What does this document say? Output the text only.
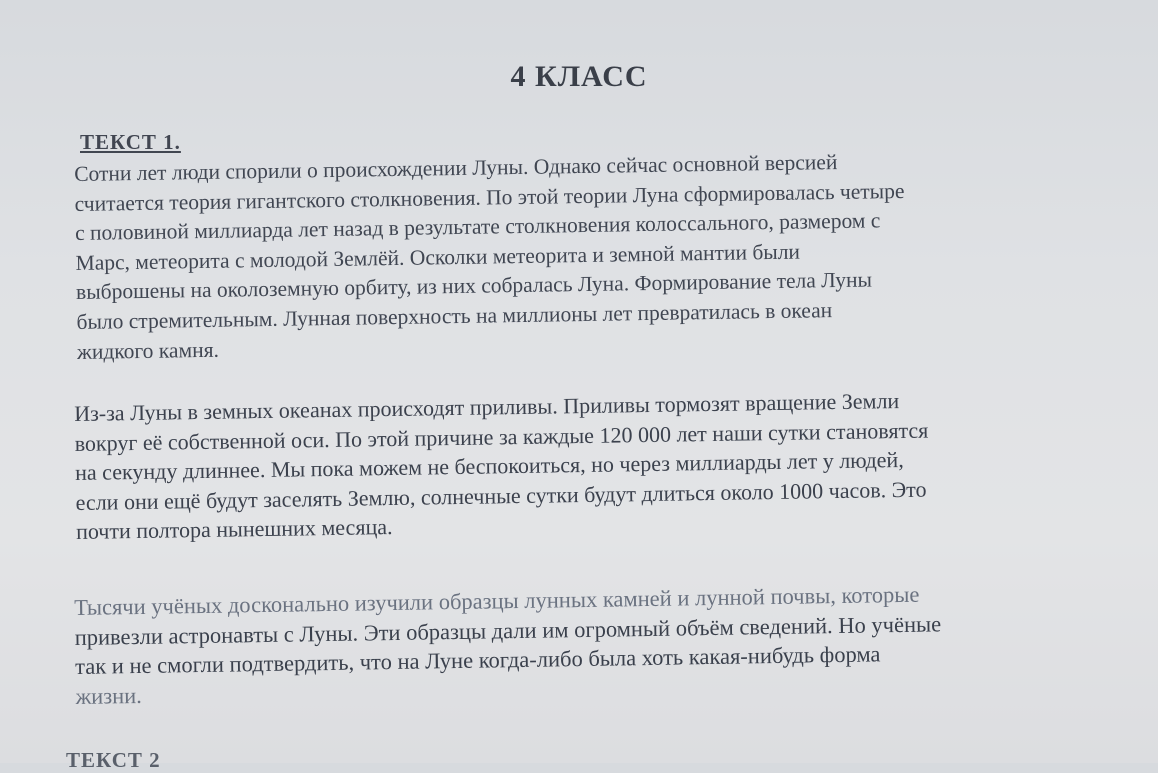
4 КЛАСС
ТЕКСТ 1.
Сотни лет люди спорили о происхождении Луны. Однако сейчас основной версией
считается теория гигантского столкновения. По этой теории Луна сформировалась четыре
с половиной миллиарда лет назад в результате столкновения колоссального, размером с
Марс, метеорита с молодой Землёй. Осколки метеорита и земной мантии были
выброшены на околоземную орбиту, из них собралась Луна. Формирование тела Луны
было стремительным. Лунная поверхность на миллионы лет превратилась в океан
жидкого камня.
Из-за Луны в земных океанах происходят приливы. Приливы тормозят вращение Земли
вокруг её собственной оси. По этой причине за каждые 120 000 лет наши сутки становятся
на секунду длиннее. Мы пока можем не беспокоиться, но через миллиарды лет у людей,
если они ещё будут заселять Землю, солнечные сутки будут длиться около 1000 часов. Это
почти полтора нынешних месяца.
Тысячи учёных досконально изучили образцы лунных камней и лунной почвы, которые
привезли астронавты с Луны. Эти образцы дали им огромный объём сведений. Но учёные
так и не смогли подтвердить, что на Луне когда-либо была хоть какая-нибудь форма
жизни.
ТЕКСТ 2
